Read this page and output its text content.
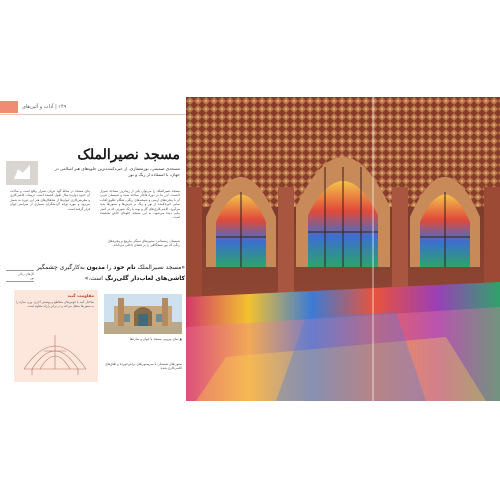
۱۴۹ | آداب و آئین‌های
مسجد نصیرالملک
مسجدی صمیمی، نورمعماری، از خیره‌کننده‌ترین جلوه‌های هنر اسلامی در جهان، با استفاده از رنگ و نور
مسجد نصیرالملک را می‌توان یکی از زیباترین مساجد شیراز دانست. این بنا در دورهٔ قاجار ساخته شده و شبستان غربی آن با پنجره‌های ارسی و شیشه‌های رنگی، هنگام طلوع آفتاب نمایی خیره‌کننده از نور و رنگ بر فرش‌ها و ستون‌ها پدید می‌آورد. کاشی‌کاری‌های گل و بوته با رنگ صورتی که در کمتر بنایی دیده می‌شود، به این مسجد جلوه‌ای خاص بخشیده است.
بنای مسجد در محلهٔ گود عربان شیراز واقع است و ساخت آن حدود دوازده سال طول کشیده است. تزیینات کاشی‌کاری و مقرنس‌کاری ایوان‌ها از شاهکارهای هنر این دوره به شمار می‌رود و مورد توجه گردشگران بسیاری از سراسر جهان قرار گرفته است.
شبستان زمستانی: ستون‌های سنگی مارپیچ و پنجره‌های رنگی که نور صبحگاهی را بر فضای داخلی می‌تاباند.
«مسجد نصیرالملک نام خود را مدیون به‌کارگیری چشمگیر کاشی‌های لعاب‌دار گلی‌رنگ است.»
گل‌های رنگی
نور
مقاومت گنبد
ساختار گنبد با قوس‌های متقاطع و پوشش آجری، وزن سازه را به ستون‌ها منتقل می‌کند و در برابر زلزله مقاوم است.
▲ نمای بیرونی مسجد با ایوان و مناره‌ها
ستون‌های شبستان با سرستون‌های تراش‌خورده و طاق‌های کاشی‌کاری شده
